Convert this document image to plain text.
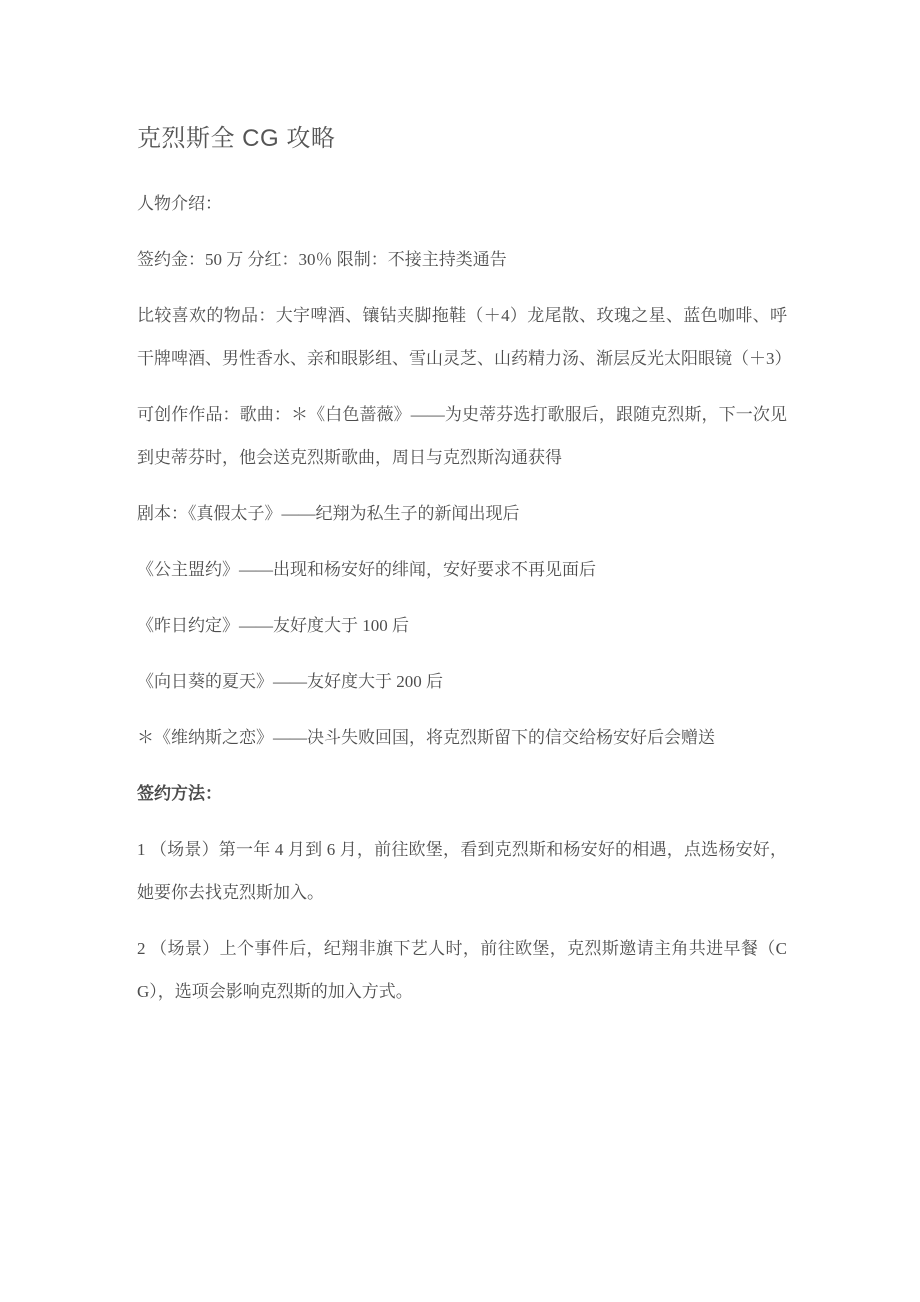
克烈斯全 CG 攻略

人物介绍：

签约金：50 万 分红：30％ 限制：不接主持类通告

比较喜欢的物品：大宇啤酒、镶钻夹脚拖鞋（＋4）龙尾散、玫瑰之星、蓝色咖啡、呼干牌啤酒、男性香水、亲和眼影组、雪山灵芝、山药精力汤、渐层反光太阳眼镜（＋3）

可创作作品：歌曲：＊《白色蔷薇》——为史蒂芬选打歌服后，跟随克烈斯，下一次见到史蒂芬时，他会送克烈斯歌曲，周日与克烈斯沟通获得

剧本：《真假太子》——纪翔为私生子的新闻出现后

《公主盟约》——出现和杨安好的绯闻，安好要求不再见面后

《昨日约定》——友好度大于 100 后

《向日葵的夏天》——友好度大于 200 后

＊《维纳斯之恋》——决斗失败回国，将克烈斯留下的信交给杨安好后会赠送

签约方法：

1 （场景）第一年 4 月到 6 月，前往欧堡，看到克烈斯和杨安好的相遇，点选杨安好，她要你去找克烈斯加入。

2 （场景）上个事件后，纪翔非旗下艺人时，前往欧堡，克烈斯邀请主角共进早餐（CG），选项会影响克烈斯的加入方式。
